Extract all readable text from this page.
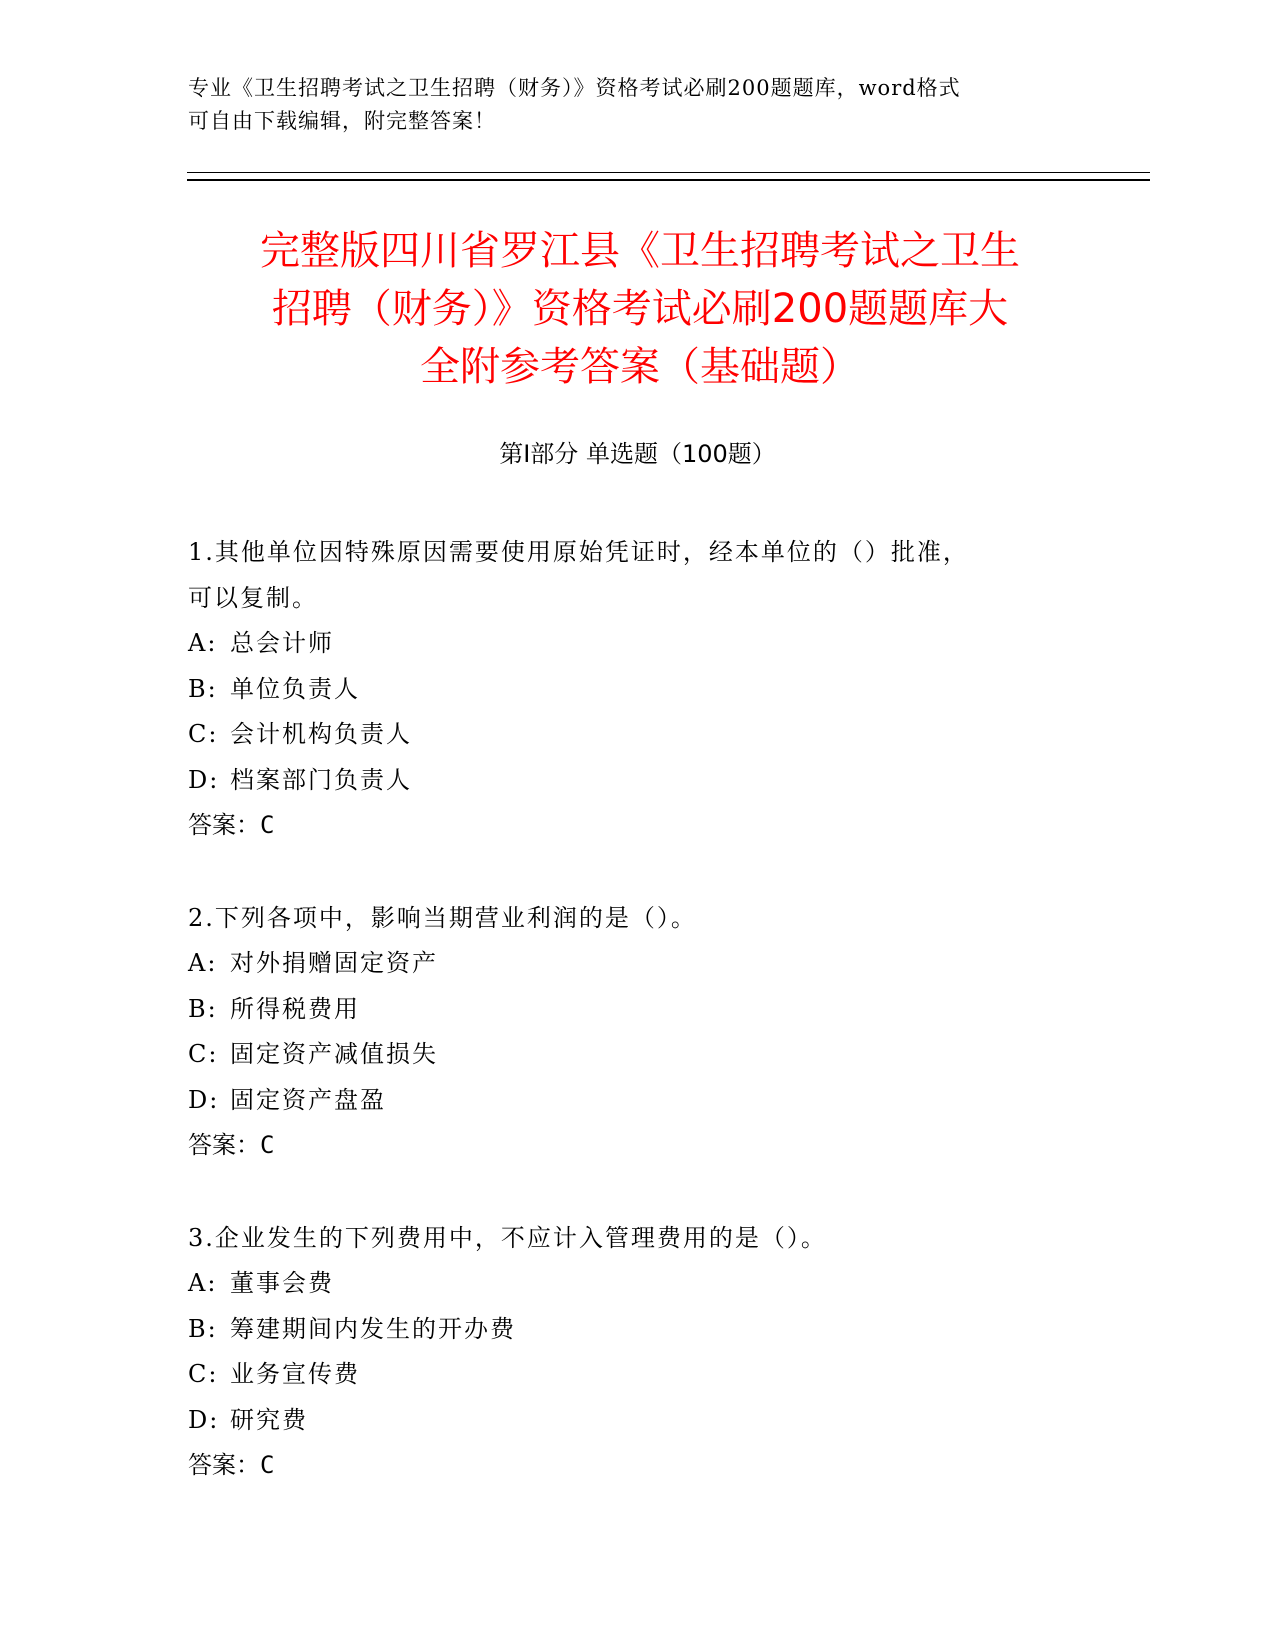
专业《卫生招聘考试之卫生招聘（财务）》资格考试必刷200题题库，word格式
可自由下载编辑，附完整答案！
完整版四川省罗江县《卫生招聘考试之卫生
招聘（财务）》资格考试必刷200题题库大
全附参考答案（基础题）
第Ⅰ部分 单选题（100题）
1.其他单位因特殊原因需要使用原始凭证时，经本单位的（）批准，
可以复制。
A: 总会计师
B: 单位负责人
C: 会计机构负责人
D: 档案部门负责人
答案：C
2.下列各项中，影响当期营业利润的是（）。
A: 对外捐赠固定资产
B: 所得税费用
C: 固定资产减值损失
D: 固定资产盘盈
答案：C
3.企业发生的下列费用中，不应计入管理费用的是（）。
A: 董事会费
B: 筹建期间内发生的开办费
C: 业务宣传费
D: 研究费
答案：C
